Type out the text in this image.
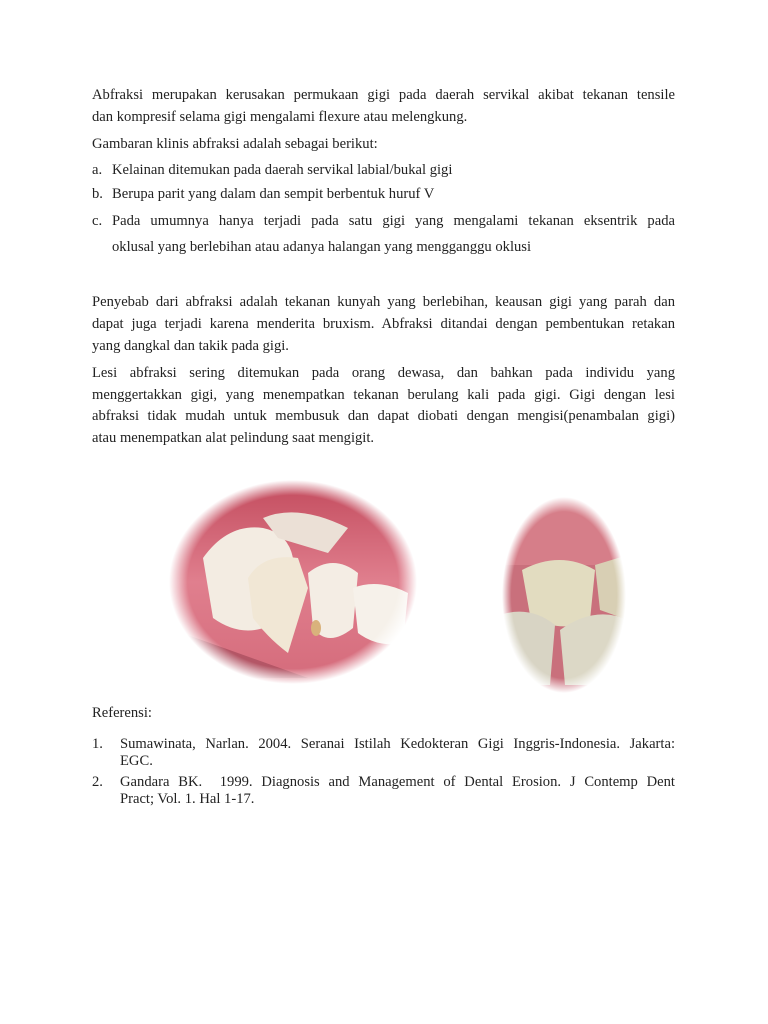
Abfraksi merupakan kerusakan permukaan gigi pada daerah servikal akibat tekanan tensile
dan kompresif selama gigi mengalami flexure atau melengkung.
Gambaran klinis abfraksi adalah sebagai berikut:
a. Kelainan ditemukan pada daerah servikal labial/bukal gigi
b. Berupa parit yang dalam dan sempit berbentuk huruf V
c. Pada umumnya hanya terjadi pada satu gigi yang mengalami tekanan eksentrik pada
oklusal yang berlebihan atau adanya halangan yang mengganggu oklusi
Penyebab dari abfraksi adalah tekanan kunyah yang berlebihan, keausan gigi yang parah dan
dapat juga terjadi karena menderita bruxism. Abfraksi ditandai dengan pembentukan retakan
yang dangkal dan takik pada gigi.
Lesi abfraksi sering ditemukan pada orang dewasa, dan bahkan pada individu yang
menggertakkan gigi, yang menempatkan tekanan berulang kali pada gigi. Gigi dengan lesi
abfraksi tidak mudah untuk membusuk dan dapat diobati dengan mengisi(penambalan gigi)
atau menempatkan alat pelindung saat mengigit.
Referensi:
1. Sumawinata, Narlan. 2004. Seranai Istilah Kedokteran Gigi Inggris-Indonesia. Jakarta:
EGC.
2. Gandara BK.  1999. Diagnosis and Management of Dental Erosion. J Contemp Dent
Pract; Vol. 1. Hal 1-17.
